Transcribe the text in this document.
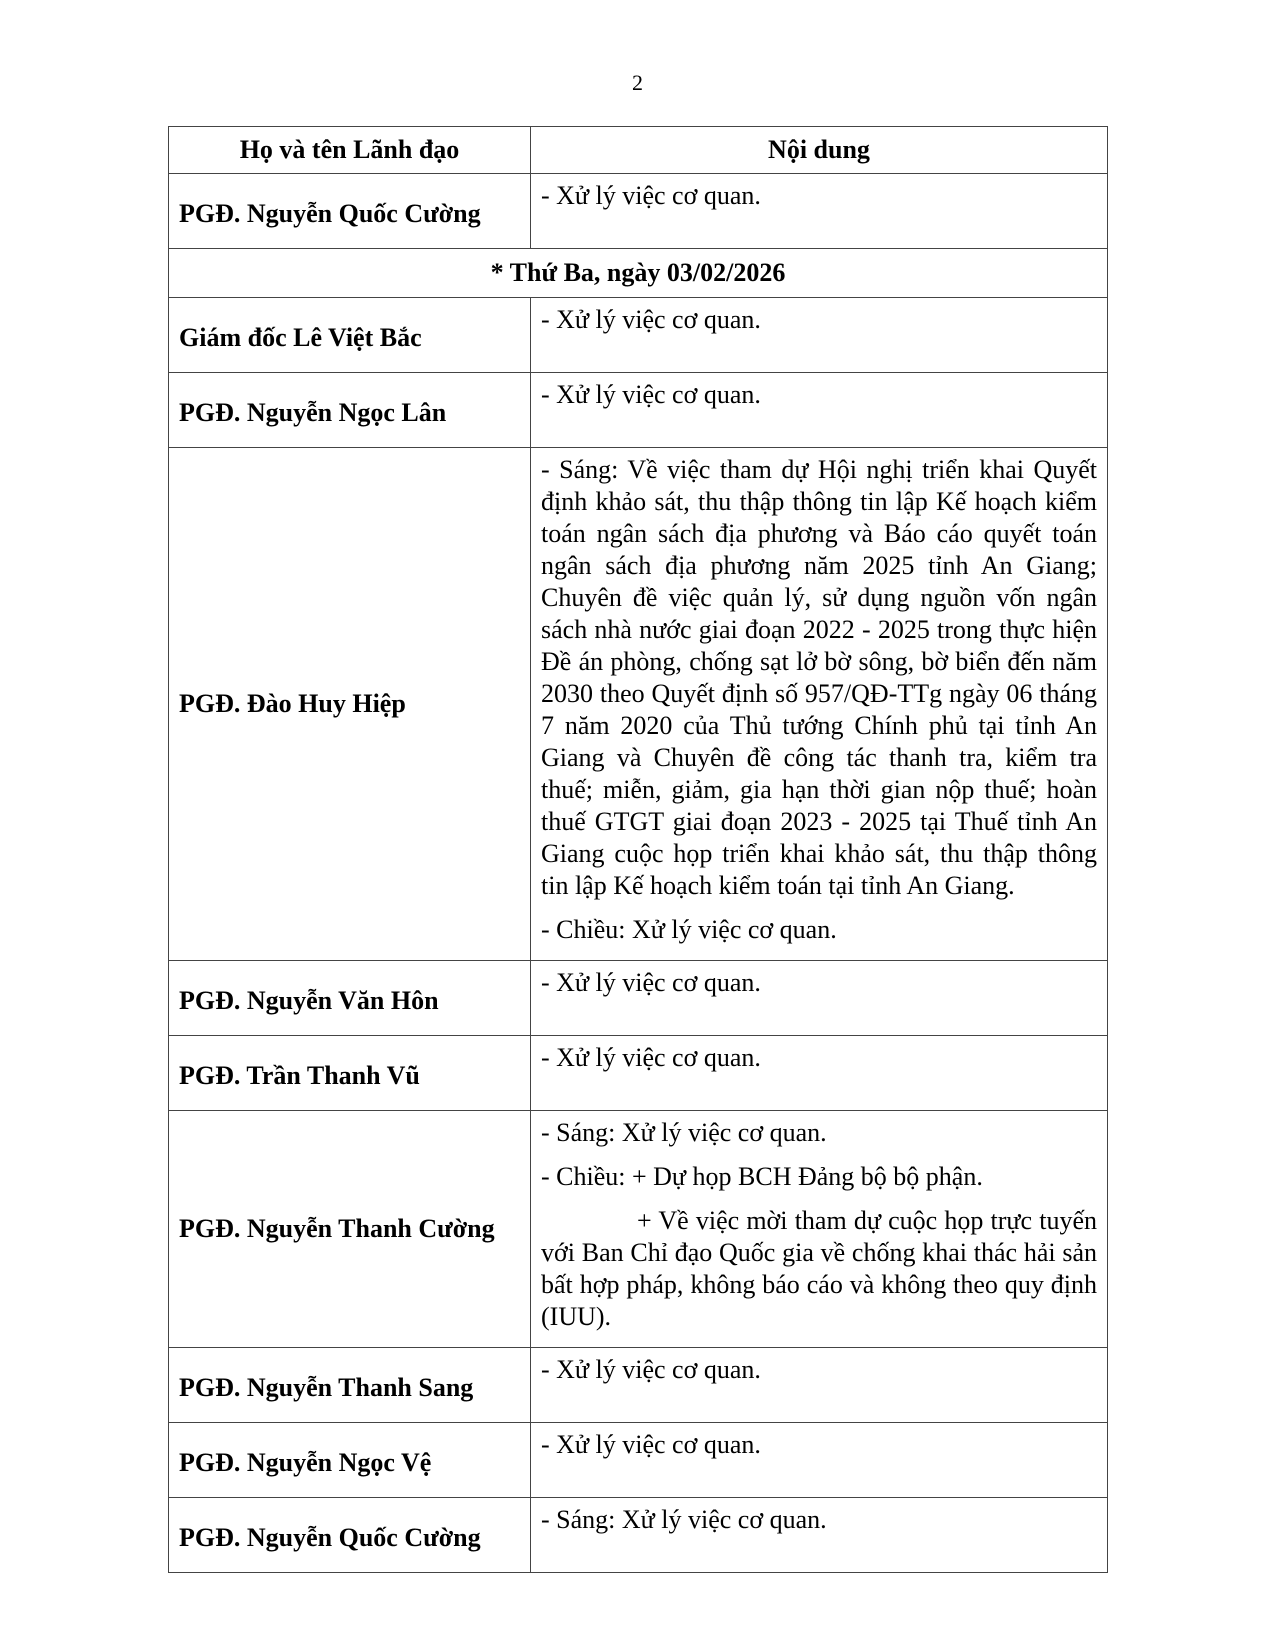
2
Họ và tên Lãnh đạo	Nội dung
PGĐ. Nguyễn Quốc Cường	- Xử lý việc cơ quan.

* Thứ Ba, ngày 03/02/2026	
Giám đốc Lê Việt Bắc	- Xử lý việc cơ quan.

PGĐ. Nguyễn Ngọc Lân	- Xử lý việc cơ quan.

PGĐ. Đào Huy Hiệp	- Sáng: Về việc tham dự Hội nghị triển khai Quyết định khảo sát, thu thập thông tin lập Kế hoạch kiểm toán ngân sách địa phương và Báo cáo quyết toán ngân sách địa phương năm 2025 tỉnh An Giang; Chuyên đề việc quản lý, sử dụng nguồn vốn ngân sách nhà nước giai đoạn 2022 - 2025 trong thực hiện Đề án phòng, chống sạt lở bờ sông, bờ biển đến năm 2030 theo Quyết định số 957/QĐ-TTg ngày 06 tháng 7 năm 2020 của Thủ tướng Chính phủ tại tỉnh An Giang và Chuyên đề công tác thanh tra, kiểm tra thuế; miễn, giảm, gia hạn thời gian nộp thuế; hoàn thuế GTGT giai đoạn 2023 - 2025 tại Thuế tỉnh An Giang cuộc họp triển khai khảo sát, thu thập thông tin lập Kế hoạch kiểm toán tại tỉnh An Giang.

- Chiều: Xử lý việc cơ quan.

PGĐ. Nguyễn Văn Hôn	- Xử lý việc cơ quan.

PGĐ. Trần Thanh Vũ	- Xử lý việc cơ quan.

PGĐ. Nguyễn Thanh Cường	- Sáng: Xử lý việc cơ quan.

- Chiều: + Dự họp BCH Đảng bộ bộ phận.

+ Về việc mời tham dự cuộc họp trực tuyến với Ban Chỉ đạo Quốc gia về chống khai thác hải sản bất hợp pháp, không báo cáo và không theo quy định (IUU).

PGĐ. Nguyễn Thanh Sang	- Xử lý việc cơ quan.

PGĐ. Nguyễn Ngọc Vệ	- Xử lý việc cơ quan.

PGĐ. Nguyễn Quốc Cường	- Sáng: Xử lý việc cơ quan.
